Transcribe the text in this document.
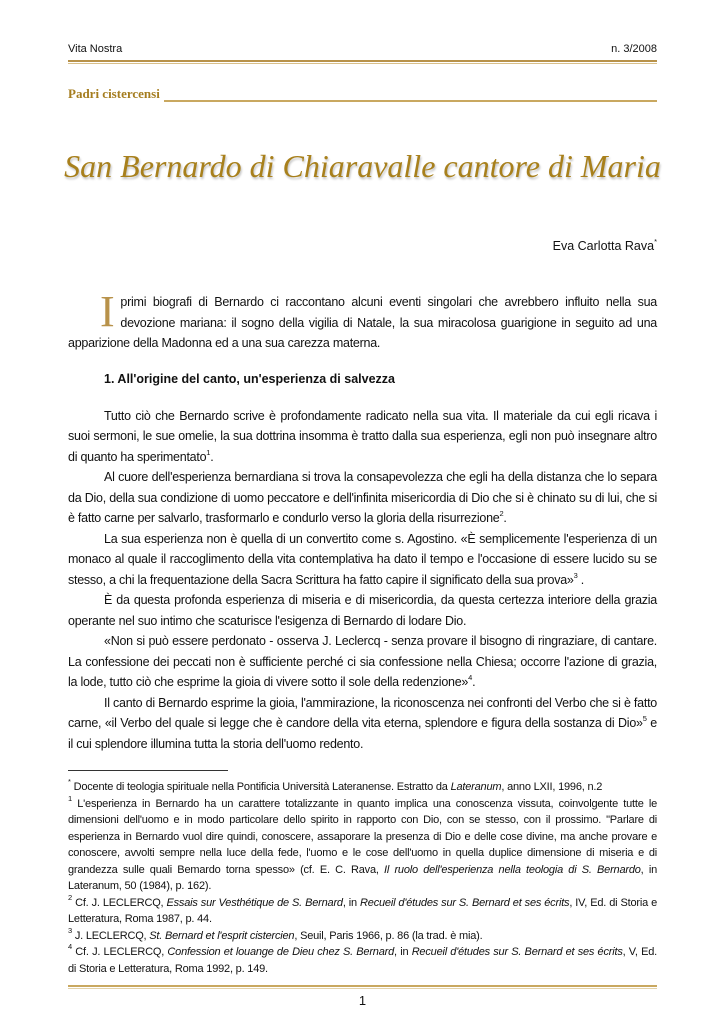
Vita Nostra	n. 3/2008
Padri cistercensi
San Bernardo di Chiaravalle cantore di Maria
Eva Carlotta Rava*
Iprimi biografi di Bernardo ci raccontano alcuni eventi singolari che avrebbero influito nella sua devozione mariana: il sogno della vigilia di Natale, la sua miracolosa guarigione in seguito ad una apparizione della Madonna ed a una sua carezza materna.
1. All'origine del canto, un'esperienza di salvezza

Tutto ciò che Bernardo scrive è profondamente radicato nella sua vita. Il materiale da cui egli ricava i suoi sermoni, le sue omelie, la sua dottrina insomma è tratto dalla sua esperienza, egli non può insegnare altro di quanto ha sperimentato$^1$.

Al cuore dell'esperienza bernardiana si trova la consapevolezza che egli ha della distanza che lo separa da Dio, della sua condizione di uomo peccatore e dell'infinita misericordia di Dio che si è chinato su di lui, che si è fatto carne per salvarlo, trasformarlo e condurlo verso la gloria della risurrezione$^2$.

La sua esperienza non è quella di un convertito come s. Agostino. «È semplicemente l'esperienza di un monaco al quale il raccoglimento della vita contemplativa ha dato il tempo e l'occasione di essere lucido su se stesso, a chi la frequentazione della Sacra Scrittura ha fatto capire il significato della sua prova»$^3$ .

È da questa profonda esperienza di miseria e di misericordia, da questa certezza interiore della grazia operante nel suo intimo che scaturisce l'esigenza di Bernardo di lodare Dio.

«Non si può essere perdonato - osserva J. Leclercq - senza provare il bisogno di ringraziare, di cantare. La confessione dei peccati non è sufficiente perché ci sia confessione nella Chiesa; occorre l'azione di grazia, la lode, tutto ciò che esprime la gioia di vivere sotto il sole della redenzione»$^4$.

Il canto di Bernardo esprime la gioia, l'ammirazione, la riconoscenza nei confronti del Verbo che si è fatto carne, «il Verbo del quale si legge che è candore della vita eterna, splendore e figura della sostanza di Dio»$^5$ e il cui splendore illumina tutta la storia dell'uomo redento.

* Docente di teologia spirituale nella Pontificia Università Lateranense. Estratto da Lateranum, anno LXII, 1996, n.2

$^1$ L'esperienza in Bernardo ha un carattere totalizzante in quanto implica una conoscenza vissuta, coinvolgente tutte le dimensioni dell'uomo e in modo particolare dello spirito in rapporto con Dio, con se stesso, con il prossimo. "Parlare di esperienza in Bernardo vuol dire quindi, conoscere, assaporare la presenza di Dio e delle cose divine, ma anche provare e conoscere, avvolti sempre nella luce della fede, l'uomo e le cose dell'uomo in quella duplice dimensione di miseria e di grandezza sulle quali Bemardo torna spesso» (cf. E. C. Rava, Il ruolo dell'esperienza nella teologia di S. Bernardo, in Lateranum, 50 (1984), p. 162).

$^2$ Cf. J. LECLERCQ, Essais sur Vesthétique de S. Bernard, in Recueil d'études sur S. Bernard et ses écrits, IV, Ed. di Storia e Letteratura, Roma 1987, p. 44.

$^3$ J. LECLERCQ, St. Bernard et l'esprit cistercien, Seuil, Paris 1966, p. 86 (la trad. è mia).

$^4$ Cf. J. LECLERCQ, Confession et louange de Dieu chez S. Bernard, in Recueil d'études sur S. Bernard et ses écrits, V, Ed. di Storia e Letteratura, Roma 1992, p. 149.

1
